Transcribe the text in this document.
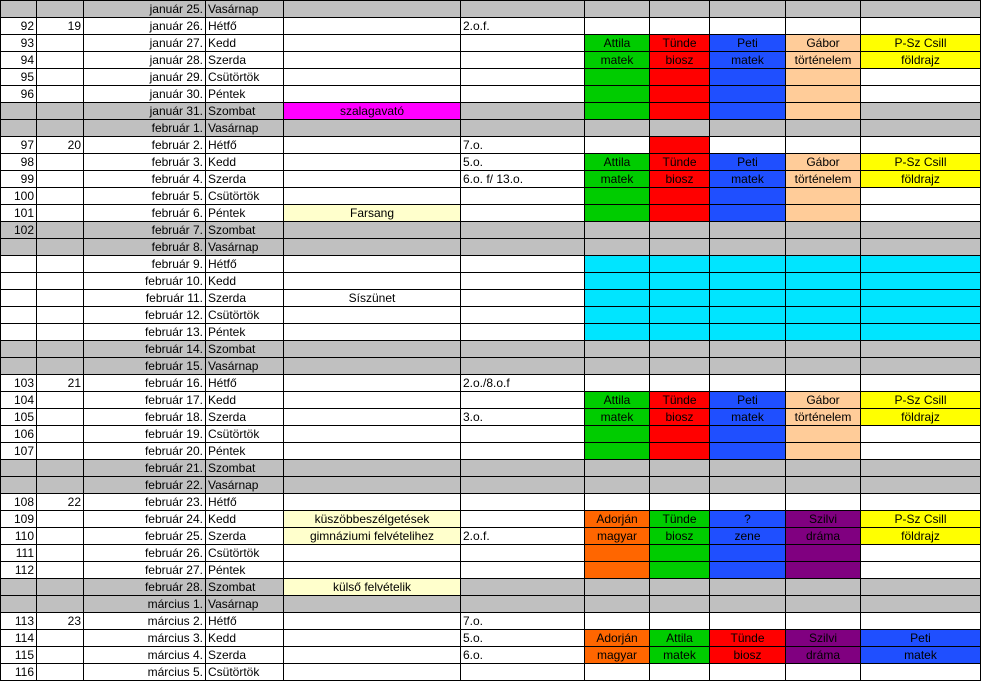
		január 25.	Vasárnap							
92	19	január 26.	Hétfő		2.o.f.					
93		január 27.	Kedd			Attila	Tünde	Peti	Gábor	P-Sz Csill
94		január 28.	Szerda			matek	biosz	matek	történelem	földrajz
95		január 29.	Csütörtök							
96		január 30.	Péntek							
		január 31.	Szombat	szalagavató						
		február 1.	Vasárnap							
97	20	február 2.	Hétfő		7.o.					
98		február 3.	Kedd		5.o.	Attila	Tünde	Peti	Gábor	P-Sz Csill
99		február 4.	Szerda		6.o. f/ 13.o.	matek	biosz	matek	történelem	földrajz
100		február 5.	Csütörtök							
101		február 6.	Péntek	Farsang						
102		február 7.	Szombat							
		február 8.	Vasárnap							
		február 9.	Hétfő							
		február 10.	Kedd							
		február 11.	Szerda	Síszünet						
		február 12.	Csütörtök							
		február 13.	Péntek							
		február 14.	Szombat							
		február 15.	Vasárnap							
103	21	február 16.	Hétfő		2.o./8.o.f					
104		február 17.	Kedd			Attila	Tünde	Peti	Gábor	P-Sz Csill
105		február 18.	Szerda		3.o.	matek	biosz	matek	történelem	földrajz
106		február 19.	Csütörtök							
107		február 20.	Péntek							
		február 21.	Szombat							
		február 22.	Vasárnap							
108	22	február 23.	Hétfő							
109		február 24.	Kedd	küszöbbeszélgetések		Adorján	Tünde	?	Szilvi	P-Sz Csill
110		február 25.	Szerda	gimnáziumi felvételihez	2.o.f.	magyar	biosz	zene	dráma	földrajz
111		február 26.	Csütörtök							
112		február 27.	Péntek							
		február 28.	Szombat	külső felvételik						
		március 1.	Vasárnap							
113	23	március 2.	Hétfő		7.o.					
114		március 3.	Kedd		5.o.	Adorján	Attila	Tünde	Szilvi	Peti
115		március 4.	Szerda		6.o.	magyar	matek	biosz	dráma	matek
116		március 5.	Csütörtök							
